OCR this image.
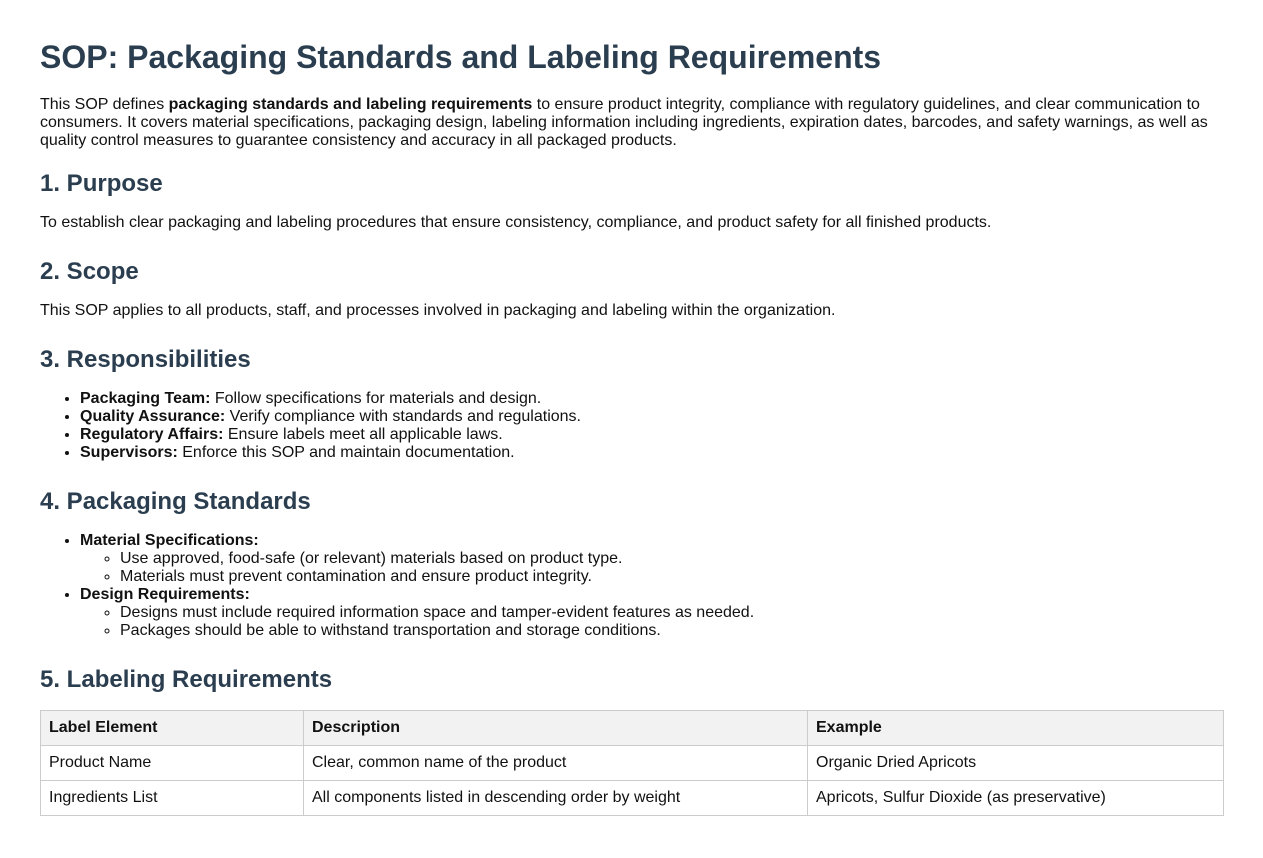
SOP: Packaging Standards and Labeling Requirements

This SOP defines packaging standards and labeling requirements to ensure product integrity, compliance with regulatory guidelines, and clear communication to consumers. It covers material specifications, packaging design, labeling information including ingredients, expiration dates, barcodes, and safety warnings, as well as quality control measures to guarantee consistency and accuracy in all packaged products.

1. Purpose

To establish clear packaging and labeling procedures that ensure consistency, compliance, and product safety for all finished products.

2. Scope

This SOP applies to all products, staff, and processes involved in packaging and labeling within the organization.

3. Responsibilities
• Packaging Team: Follow specifications for materials and design.
• Quality Assurance: Verify compliance with standards and regulations.
• Regulatory Affairs: Ensure labels meet all applicable laws.
• Supervisors: Enforce this SOP and maintain documentation.
4. Packaging Standards
• Material Specifications:
◦ Use approved, food-safe (or relevant) materials based on product type.
◦ Materials must prevent contamination and ensure product integrity.
• Design Requirements:
◦ Designs must include required information space and tamper-evident features as needed.
◦ Packages should be able to withstand transportation and storage conditions.
5. Labeling Requirements
Label Element	Description	Example
Product Name	Clear, common name of the product	Organic Dried Apricots
Ingredients List	All components listed in descending order by weight	Apricots, Sulfur Dioxide (as preservative)
